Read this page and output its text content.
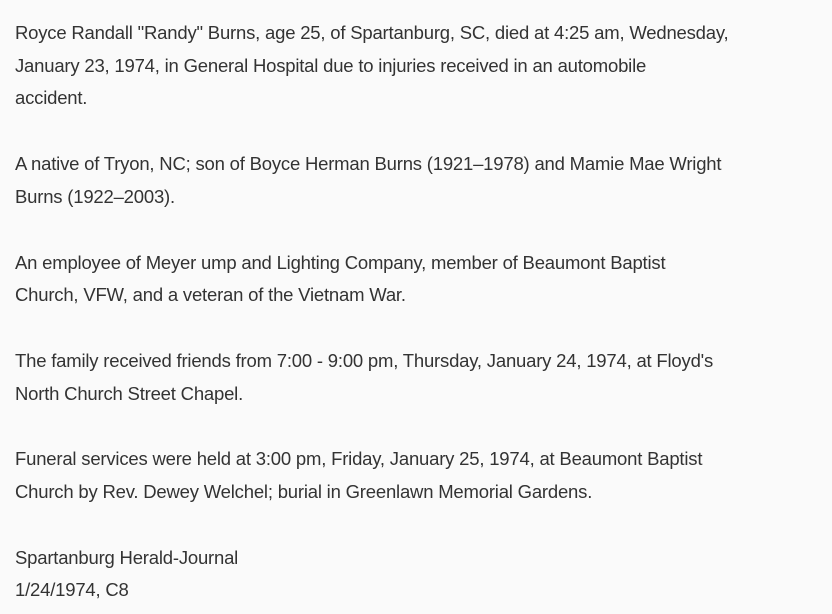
Royce Randall "Randy" Burns, age 25, of Spartanburg, SC, died at 4:25 am, Wednesday,
January 23, 1974, in General Hospital due to injuries received in an automobile
accident.

A native of Tryon, NC; son of Boyce Herman Burns (1921–1978) and Mamie Mae Wright
Burns (1922–2003).

An employee of Meyer ump and Lighting Company, member of Beaumont Baptist
Church, VFW, and a veteran of the Vietnam War.

The family received friends from 7:00 - 9:00 pm, Thursday, January 24, 1974, at Floyd's
North Church Street Chapel.

Funeral services were held at 3:00 pm, Friday, January 25, 1974, at Beaumont Baptist
Church by Rev. Dewey Welchel; burial in Greenlawn Memorial Gardens.

Spartanburg Herald-Journal
1/24/1974, C8
